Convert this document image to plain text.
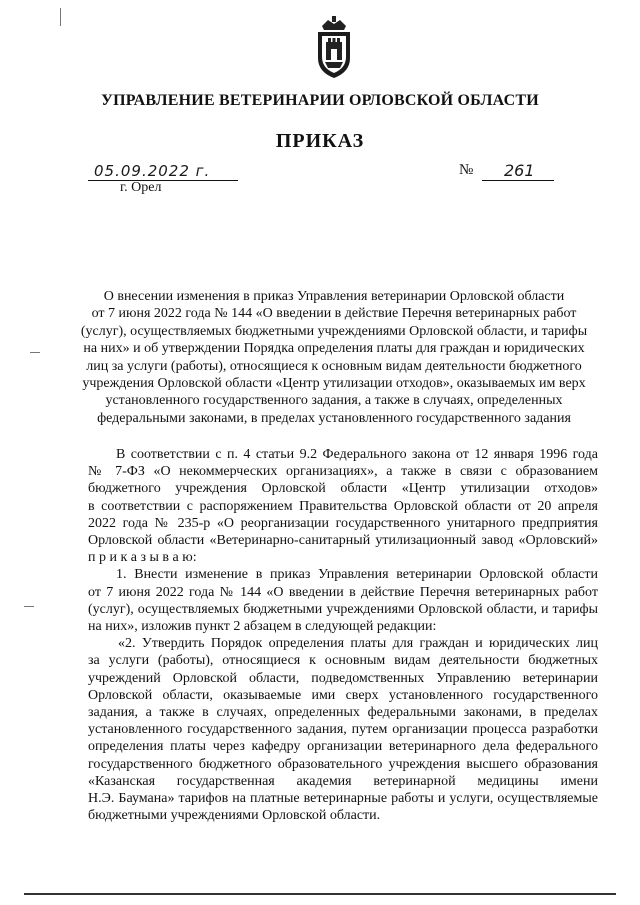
УПРАВЛЕНИЕ ВЕТЕРИНАРИИ ОРЛОВСКОЙ ОБЛАСТИ
ПРИКАЗ
05.09.2022 г.
г. Орел
№ 261
О внесении изменения в приказ Управления ветеринарии Орловской области
от 7 июня 2022 года № 144 «О введении в действие Перечня ветеринарных работ
(услуг), осуществляемых бюджетными учреждениями Орловской области, и тарифы
на них» и об утверждении Порядка определения платы для граждан и юридических
лиц за услуги (работы), относящиеся к основным видам деятельности бюджетного
учреждения Орловской области «Центр утилизации отходов», оказываемых им верх
установленного государственного задания, а также в случаях, определенных
федеральными законами, в пределах установленного государственного задания
В соответствии с п. 4 статьи 9.2 Федерального закона от 12 января 1996 года
№ 7-ФЗ «О некоммерческих организациях», а также в связи с образованием
бюджетного учреждения Орловской области «Центр утилизации отходов»
в соответствии с распоряжением Правительства Орловской области от 20 апреля
2022 года № 235-р «О реорганизации государственного унитарного предприятия
Орловской области «Ветеринарно-санитарный утилизационный завод «Орловский»
п р и к а з ы в а ю:
1. Внести изменение в приказ Управления ветеринарии Орловской области
от 7 июня 2022 года № 144 «О введении в действие Перечня ветеринарных работ
(услуг), осуществляемых бюджетными учреждениями Орловской области, и тарифы
на них», изложив пункт 2 абзацем в следующей редакции:
«2. Утвердить Порядок определения платы для граждан и юридических лиц
за услуги (работы), относящиеся к основным видам деятельности бюджетных
учреждений Орловской области, подведомственных Управлению ветеринарии
Орловской области, оказываемые ими сверх установленного государственного
задания, а также в случаях, определенных федеральными законами, в пределах
установленного государственного задания, путем организации процесса разработки
определения платы через кафедру организации ветеринарного дела федерального
государственного бюджетного образовательного учреждения высшего образования
«Казанская государственная академия ветеринарной медицины имени
Н.Э. Баумана» тарифов на платные ветеринарные работы и услуги, осуществляемые
бюджетными учреждениями Орловской области.
